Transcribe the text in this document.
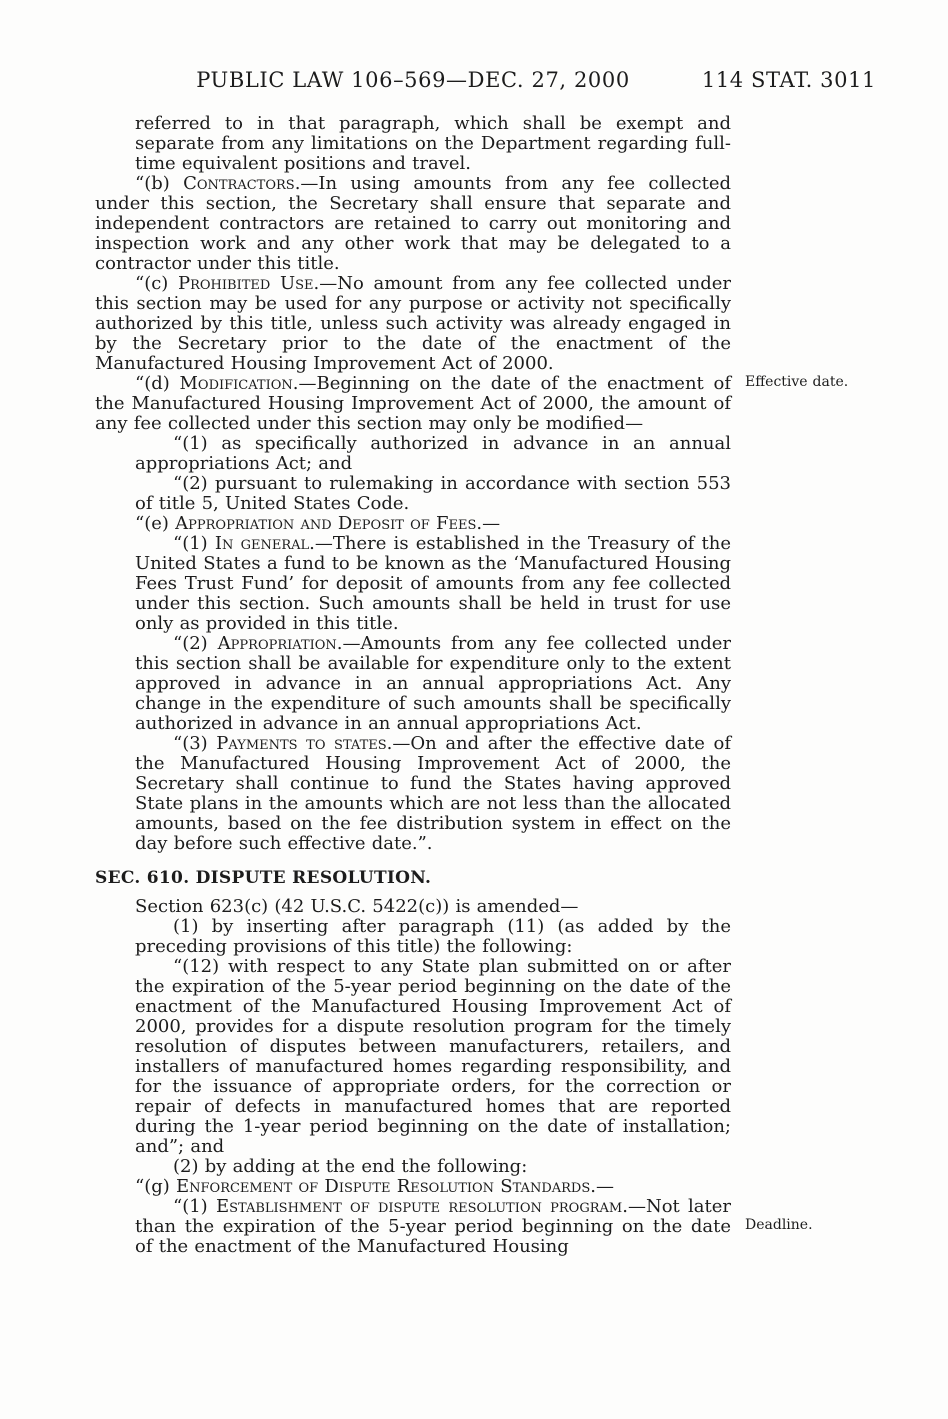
PUBLIC LAW 106–569—DEC. 27, 2000	114 STAT. 3011

referred to in that paragraph, which shall be exempt and separate from any limitations on the Department regarding full-time equivalent positions and travel.

“(b) Contractors.—In using amounts from any fee collected under this section, the Secretary shall ensure that separate and independent contractors are retained to carry out monitoring and inspection work and any other work that may be delegated to a contractor under this title.

“(c) Prohibited Use.—No amount from any fee collected under this section may be used for any purpose or activity not specifically authorized by this title, unless such activity was already engaged in by the Secretary prior to the date of the enactment of the Manufactured Housing Improvement Act of 2000.

“(d) Modification.—Beginning on the date of the enactment of the Manufactured Housing Improvement Act of 2000, the amount of any fee collected under this section may only be modified—
Effective date.

“(1) as specifically authorized in advance in an annual appropriations Act; and

“(2) pursuant to rulemaking in accordance with section 553 of title 5, United States Code.

“(e) Appropriation and Deposit of Fees.—

“(1) In general.—There is established in the Treasury of the United States a fund to be known as the ‘Manufactured Housing Fees Trust Fund’ for deposit of amounts from any fee collected under this section. Such amounts shall be held in trust for use only as provided in this title.

“(2) Appropriation.—Amounts from any fee collected under this section shall be available for expenditure only to the extent approved in advance in an annual appropriations Act. Any change in the expenditure of such amounts shall be specifically authorized in advance in an annual appropriations Act.

“(3) Payments to states.—On and after the effective date of the Manufactured Housing Improvement Act of 2000, the Secretary shall continue to fund the States having approved State plans in the amounts which are not less than the allocated amounts, based on the fee distribution system in effect on the day before such effective date.”.

SEC. 610. DISPUTE RESOLUTION.

Section 623(c) (42 U.S.C. 5422(c)) is amended—

(1) by inserting after paragraph (11) (as added by the preceding provisions of this title) the following:

“(12) with respect to any State plan submitted on or after the expiration of the 5-year period beginning on the date of the enactment of the Manufactured Housing Improvement Act of 2000, provides for a dispute resolution program for the timely resolution of disputes between manufacturers, retailers, and installers of manufactured homes regarding responsibility, and for the issuance of appropriate orders, for the correction or repair of defects in manufactured homes that are reported during the 1-year period beginning on the date of installation; and”; and

(2) by adding at the end the following:

“(g) Enforcement of Dispute Resolution Standards.—

“(1) Establishment of dispute resolution program.—Not later than the expiration of the 5-year period beginning on the date of the enactment of the Manufactured Housing
Deadline.
